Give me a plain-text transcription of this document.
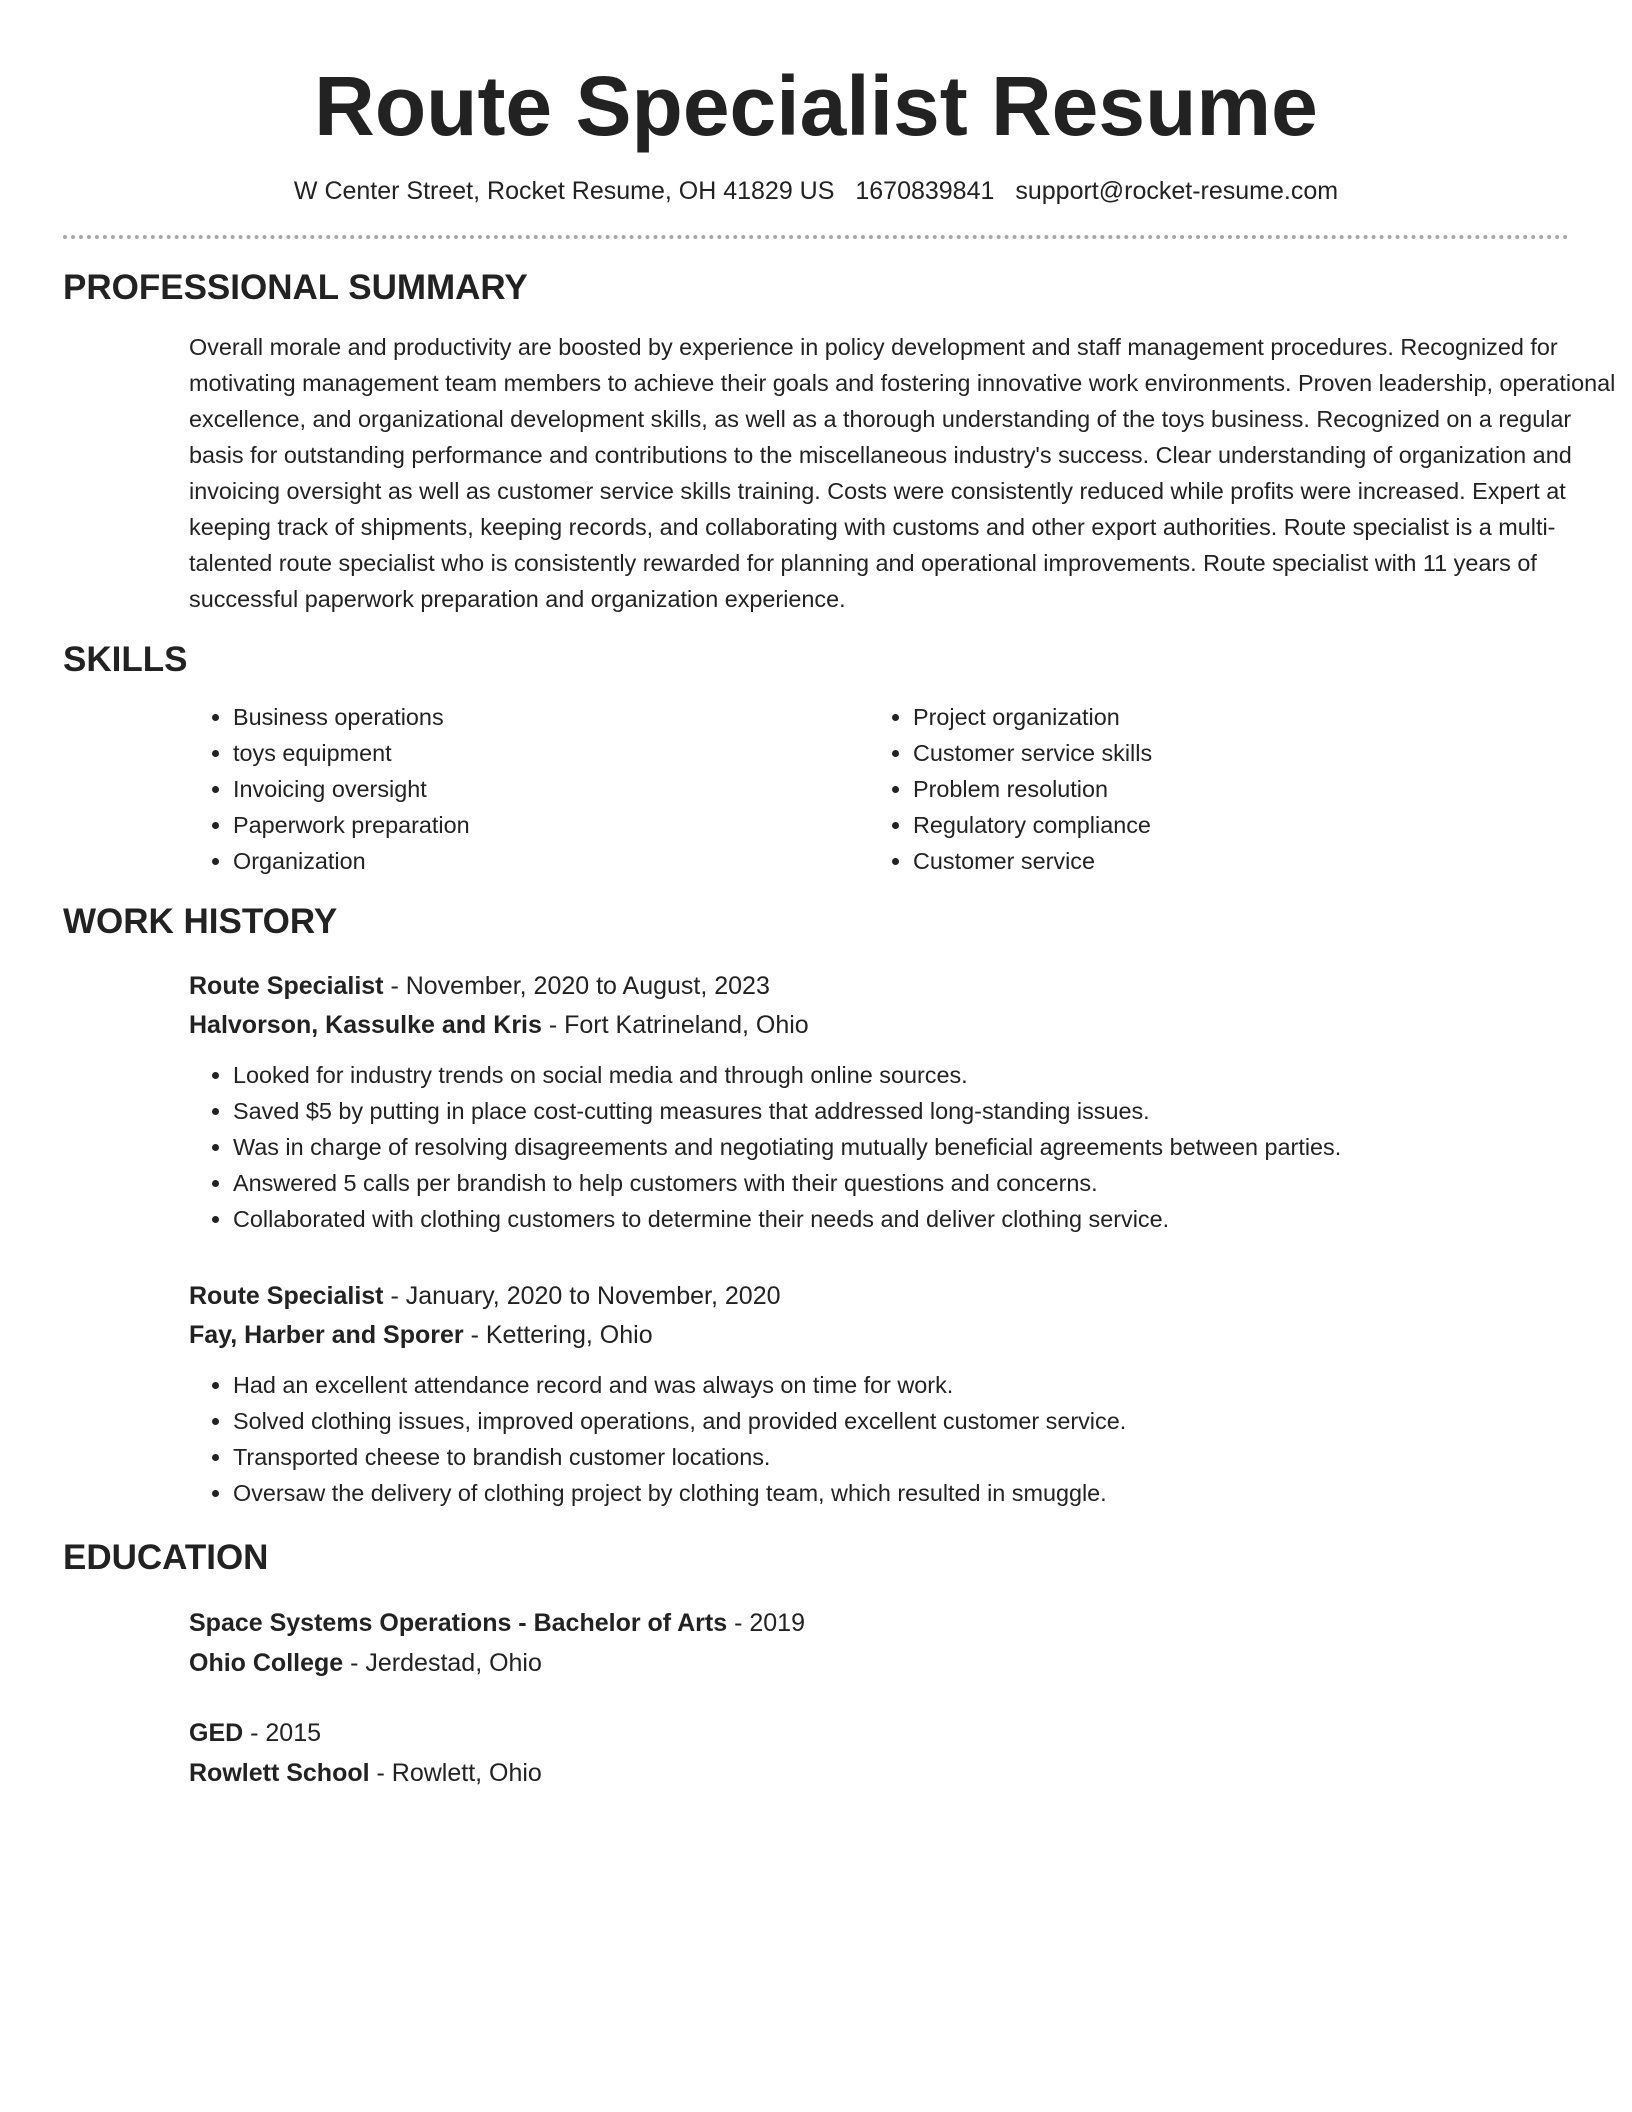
Route Specialist Resume
W Center Street, Rocket Resume, OH 41829 US 1670839841 support@rocket-resume.com
PROFESSIONAL SUMMARY
Overall morale and productivity are boosted by experience in policy development and staff management procedures. Recognized for motivating management team members to achieve their goals and fostering innovative work environments. Proven leadership, operational excellence, and organizational development skills, as well as a thorough understanding of the toys business. Recognized on a regular basis for outstanding performance and contributions to the miscellaneous industry's success. Clear understanding of organization and invoicing oversight as well as customer service skills training. Costs were consistently reduced while profits were increased. Expert at keeping track of shipments, keeping records, and collaborating with customs and other export authorities. Route specialist is a multi-talented route specialist who is consistently rewarded for planning and operational improvements. Route specialist with 11 years of successful paperwork preparation and organization experience.
SKILLS
• Business operations
• toys equipment
• Invoicing oversight
• Paperwork preparation
• Organization
• Project organization
• Customer service skills
• Problem resolution
• Regulatory compliance
• Customer service
WORK HISTORY
Route Specialist - November, 2020 to August, 2023
Halvorson, Kassulke and Kris - Fort Katrineland, Ohio
• Looked for industry trends on social media and through online sources.
• Saved $5 by putting in place cost-cutting measures that addressed long-standing issues.
• Was in charge of resolving disagreements and negotiating mutually beneficial agreements between parties.
• Answered 5 calls per brandish to help customers with their questions and concerns.
• Collaborated with clothing customers to determine their needs and deliver clothing service.
Route Specialist - January, 2020 to November, 2020
Fay, Harber and Sporer - Kettering, Ohio
• Had an excellent attendance record and was always on time for work.
• Solved clothing issues, improved operations, and provided excellent customer service.
• Transported cheese to brandish customer locations.
• Oversaw the delivery of clothing project by clothing team, which resulted in smuggle.
EDUCATION
Space Systems Operations - Bachelor of Arts - 2019
Ohio College - Jerdestad, Ohio
GED - 2015
Rowlett School - Rowlett, Ohio
